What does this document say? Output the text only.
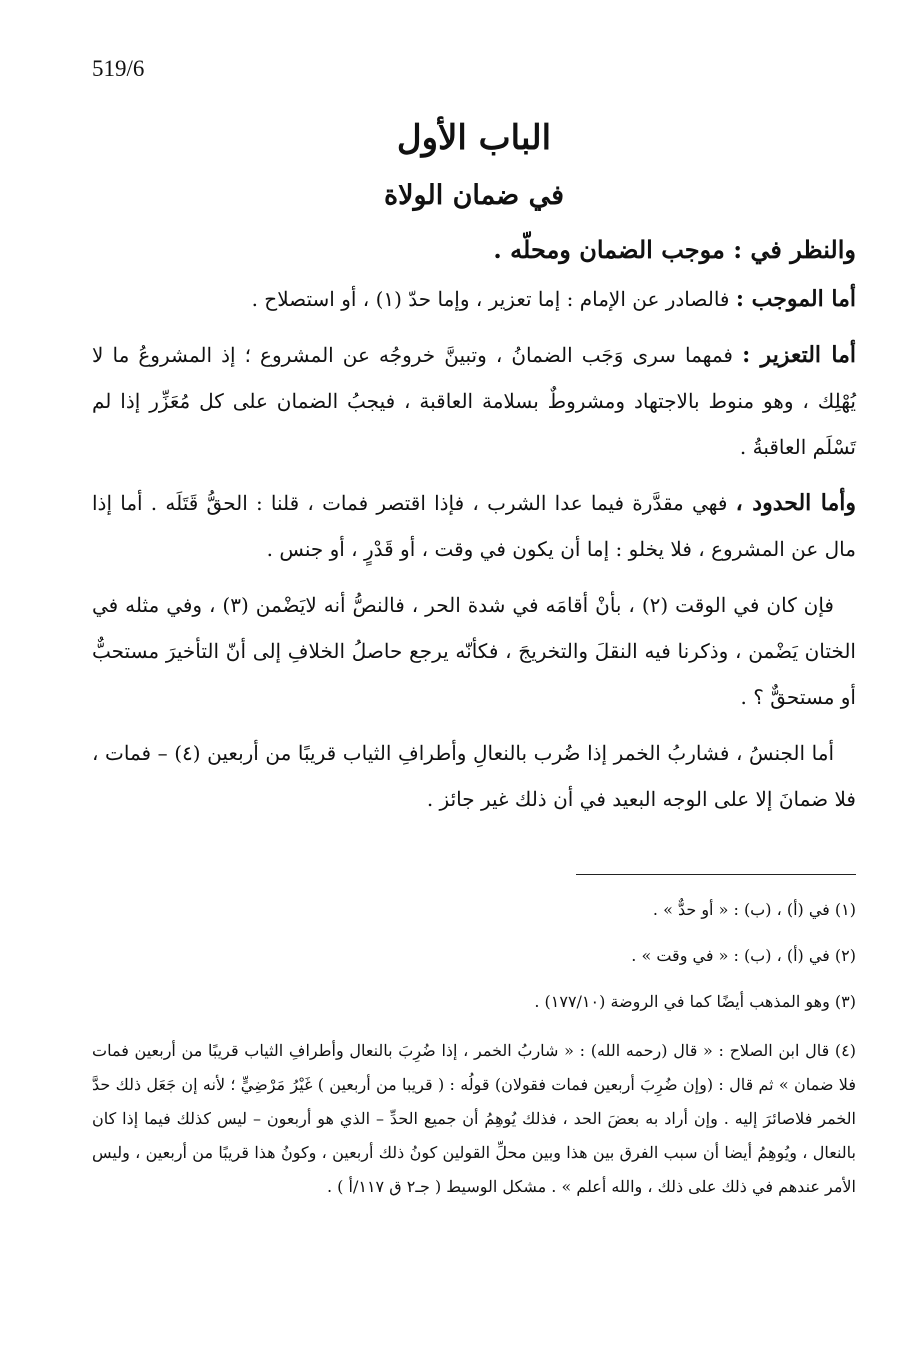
519/6
الباب الأول
في ضمان الولاة

والنظر في : موجب الضمان ومحلّه .

أما الموجب : فالصادر عن الإمام : إما تعزير ، وإما حدّ (١) ، أو استصلاح .

أما التعزير : فمهما سرى وَجَب الضمانُ ، وتبينَّ خروجُه عن المشروع ؛ إذ المشروعُ ما لا يُهْلِك ، وهو منوط بالاجتهاد ومشروطٌ بسلامة العاقبة ، فيجبُ الضمان على كل مُعَزِّر إذا لم تَسْلَم العاقبةُ .

وأما الحدود ، فهي مقدَّرة فيما عدا الشرب ، فإذا اقتصر فمات ، قلنا : الحقُّ قَتَلَه . أما إذا مال عن المشروع ، فلا يخلو : إما أن يكون في وقت ، أو قَدْرٍ ، أو جنس .

فإن كان في الوقت (٢) ، بأنْ أقامَه في شدة الحر ، فالنصُّ أنه لايَضْمن (٣) ، وفي مثله في الختان يَضْمن ، وذكرنا فيه النقلَ والتخريجَ ، فكأنّه يرجع حاصلُ الخلافِ إلى أنّ التأخيرَ مستحبٌّ أو مستحقٌّ ؟ .

أما الجنسُ ، فشاربُ الخمر إذا ضُرب بالنعالِ وأطرافِ الثياب قريبًا من أربعين (٤) – فمات ، فلا ضمانَ إلا على الوجه البعيد في أن ذلك غير جائز .

(١) في (أ) ، (ب) : « أو حدٌّ » .

(٢) في (أ) ، (ب) : « في وقت » .

(٣) وهو المذهب أيضًا كما في الروضة (١٧٧/١٠) .

(٤) قال ابن الصلاح : « قال (رحمه الله) : « شاربُ الخمر ، إذا ضُرِبَ بالنعال وأطرافِ الثياب قريبًا من أربعين فمات فلا ضمان » ثم قال : (وإن ضُرِبَ أربعين فمات فقولان) قولُه : ( قريبا من أربعين ) غَيْرُ مَرْضِيٍّ ؛ لأنه إن جَعَل ذلك حدَّ الخمر فلاصائرَ إليه . وإن أراد به بعضَ الحد ، فذلك يُوهِمُ أن جميع الحدِّ – الذي هو أربعون – ليس كذلك فيما إذا كان بالنعال ، ويُوهِمُ أيضا أن سبب الفرق بين هذا وبين محلِّ القولين كونُ ذلك أربعين ، وكونُ هذا قريبًا من أربعين ، وليس الأمر عندهم في ذلك على ذلك ، والله أعلم » . مشكل الوسيط ( جـ٢ ق ١١٧/أ ) .
